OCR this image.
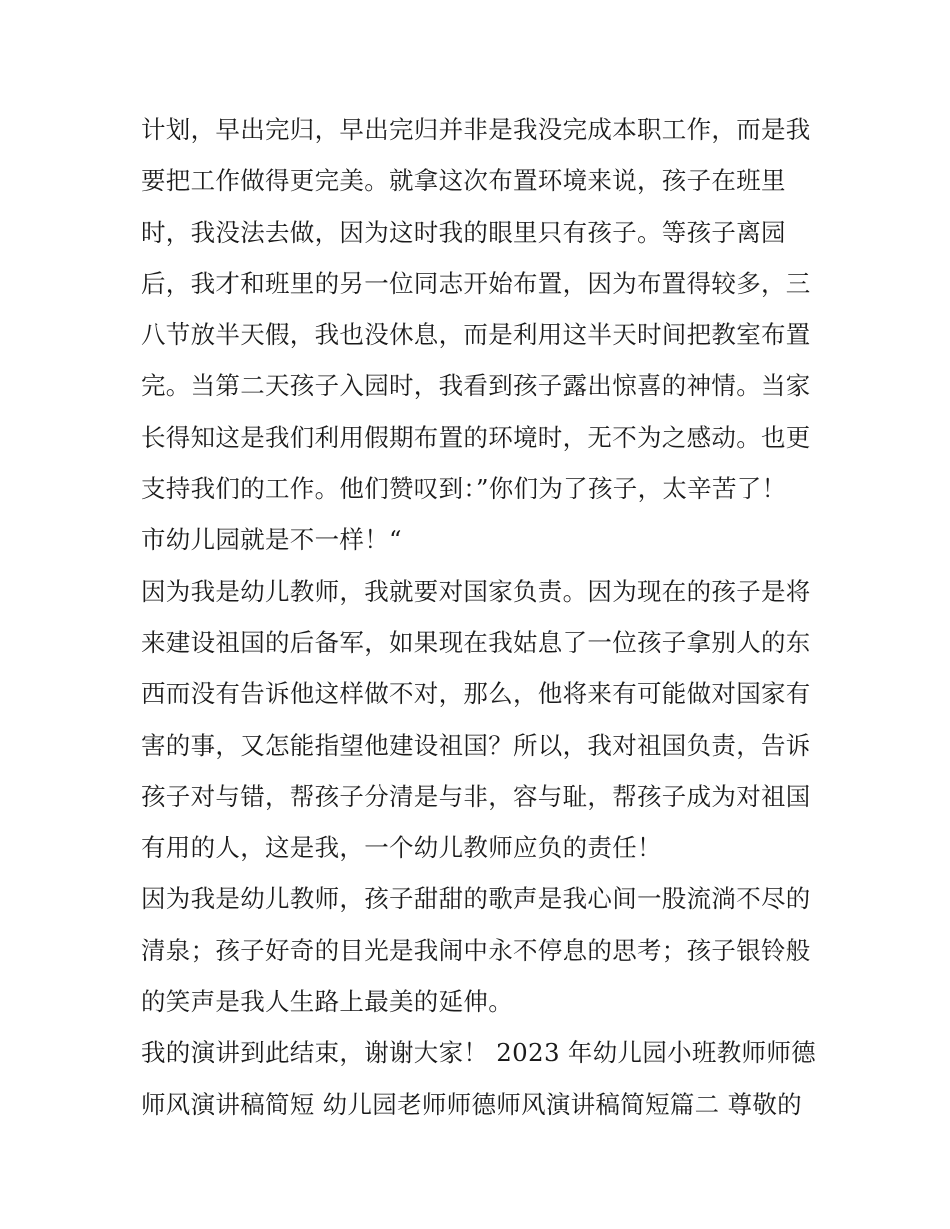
计划，早出完归，早出完归并非是我没完成本职工作，而是我
要把工作做得更完美。就拿这次布置环境来说，孩子在班里
时，我没法去做，因为这时我的眼里只有孩子。等孩子离园
后，我才和班里的另一位同志开始布置，因为布置得较多，三
八节放半天假，我也没休息，而是利用这半天时间把教室布置
完。当第二天孩子入园时，我看到孩子露出惊喜的神情。当家
长得知这是我们利用假期布置的环境时，无不为之感动。也更
支持我们的工作。他们赞叹到：”你们为了孩子，太辛苦了！
市幼儿园就是不一样！“
因为我是幼儿教师，我就要对国家负责。因为现在的孩子是将
来建设祖国的后备军，如果现在我姑息了一位孩子拿别人的东
西而没有告诉他这样做不对，那么，他将来有可能做对国家有
害的事，又怎能指望他建设祖国？所以，我对祖国负责，告诉
孩子对与错，帮孩子分清是与非，容与耻，帮孩子成为对祖国
有用的人，这是我，一个幼儿教师应负的责任！
因为我是幼儿教师，孩子甜甜的歌声是我心间一股流淌不尽的
清泉；孩子好奇的目光是我闹中永不停息的思考；孩子银铃般
的笑声是我人生路上最美的延伸。
我的演讲到此结束，谢谢大家！ 2023 年幼儿园小班教师师德
师风演讲稿简短 幼儿园老师师德师风演讲稿简短篇二 尊敬的
